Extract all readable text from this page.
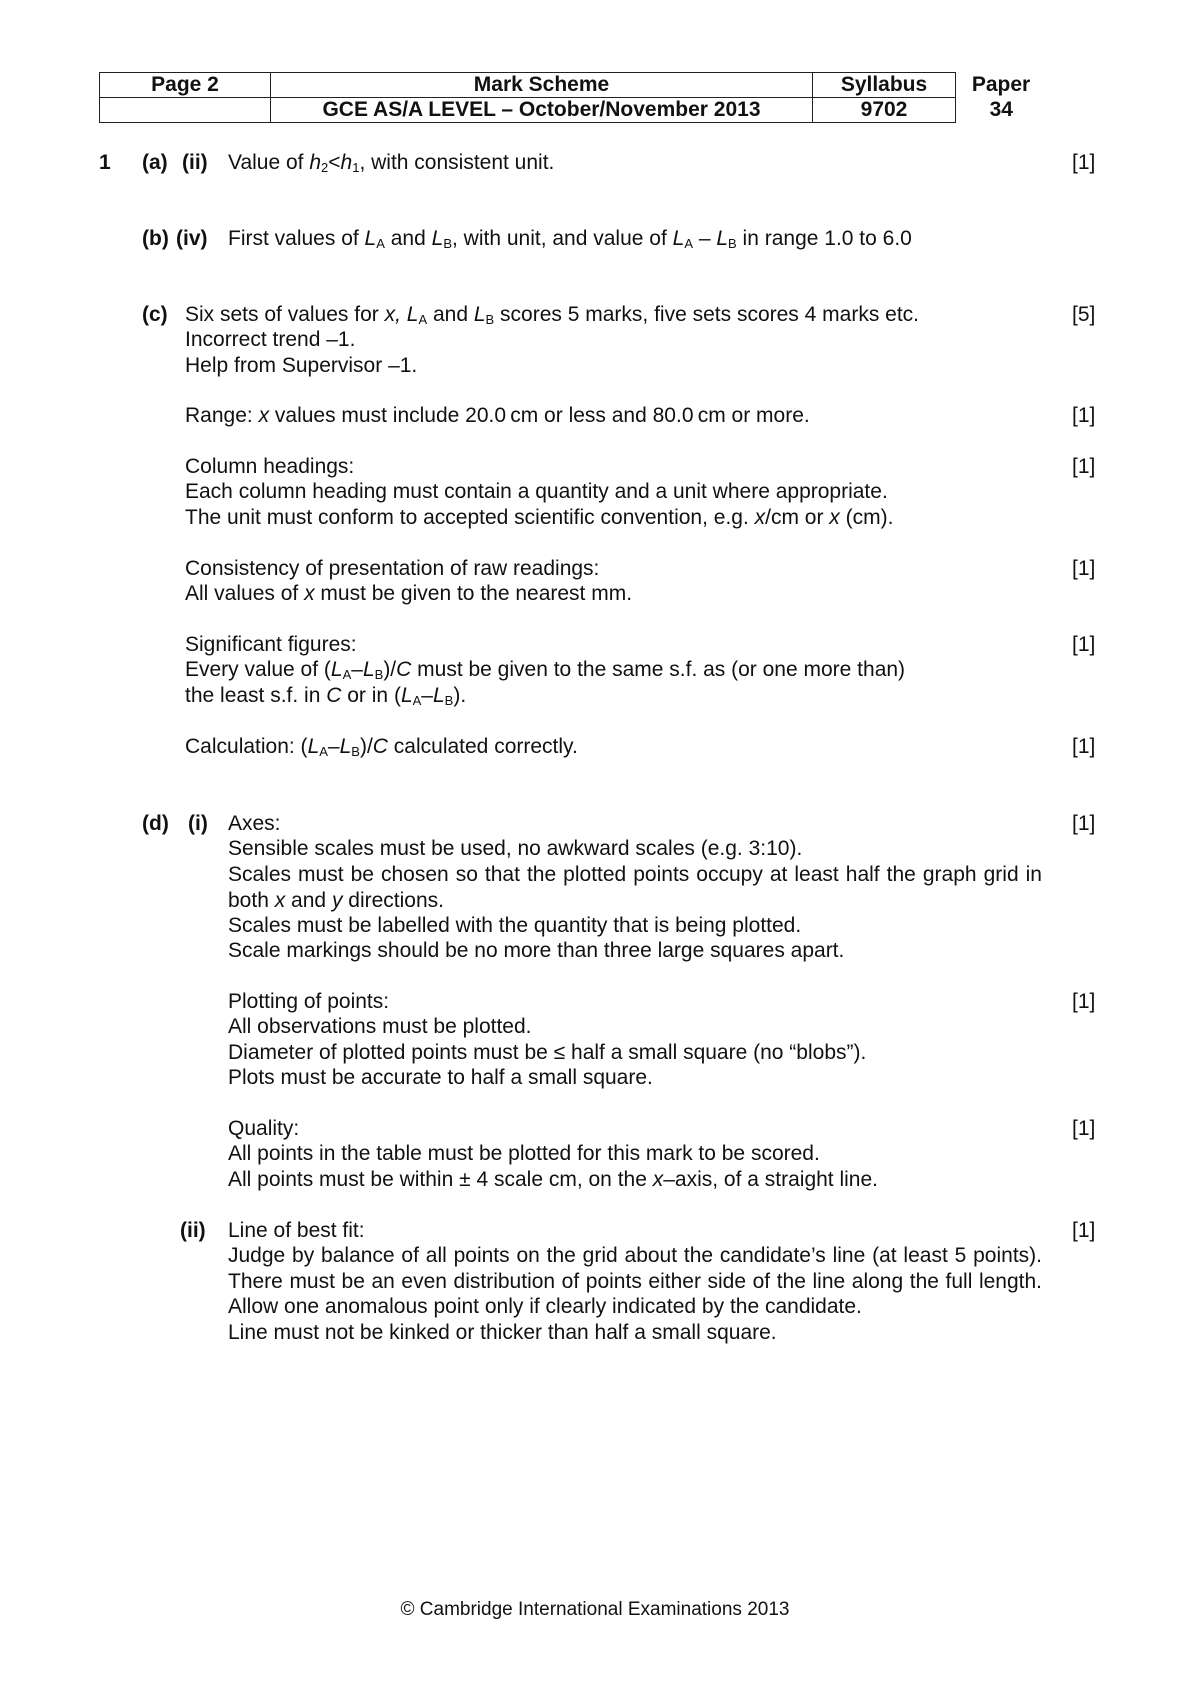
Page 2	Mark Scheme	Syllabus	Paper
	GCE AS/A LEVEL – October/November 2013	9702	34
1 (a) (ii) Value of $h_2<h_1$, with consistent unit.	[1]
(b) (iv) First values of $L_A$ and $L_B$, with unit, and value of $L_A - L_B$ in range 1.0 to 6.0
(c) Six sets of values for x, $L_A$ and $L_B$ scores 5 marks, five sets scores 4 marks etc.	[5]
Incorrect trend –1.
Help from Supervisor –1.
Range: x values must include 20.0 cm or less and 80.0 cm or more.	[1]
Column headings:	[1]
Each column heading must contain a quantity and a unit where appropriate.
The unit must conform to accepted scientific convention, e.g. x/cm or x (cm).
Consistency of presentation of raw readings:	[1]
All values of x must be given to the nearest mm.
Significant figures:	[1]
Every value of $(L_A-L_B)/C$ must be given to the same s.f. as (or one more than)
the least s.f. in C or in $(L_A-L_B)$.
Calculation: $(L_A-L_B)/C$ calculated correctly.	[1]
(d) (i) Axes:	[1]
Sensible scales must be used, no awkward scales (e.g. 3:10).
Scales must be chosen so that the plotted points occupy at least half the graph grid in both x and y directions.
Scales must be labelled with the quantity that is being plotted.
Scale markings should be no more than three large squares apart.
Plotting of points:	[1]
All observations must be plotted.
Diameter of plotted points must be ≤ half a small square (no “blobs”).
Plots must be accurate to half a small square.
Quality:	[1]
All points in the table must be plotted for this mark to be scored.
All points must be within ± 4 scale cm, on the x–axis, of a straight line.
(ii) Line of best fit:	[1]
Judge by balance of all points on the grid about the candidate’s line (at least 5 points). There must be an even distribution of points either side of the line along the full length. Allow one anomalous point only if clearly indicated by the candidate.
Line must not be kinked or thicker than half a small square.
© Cambridge International Examinations 2013
